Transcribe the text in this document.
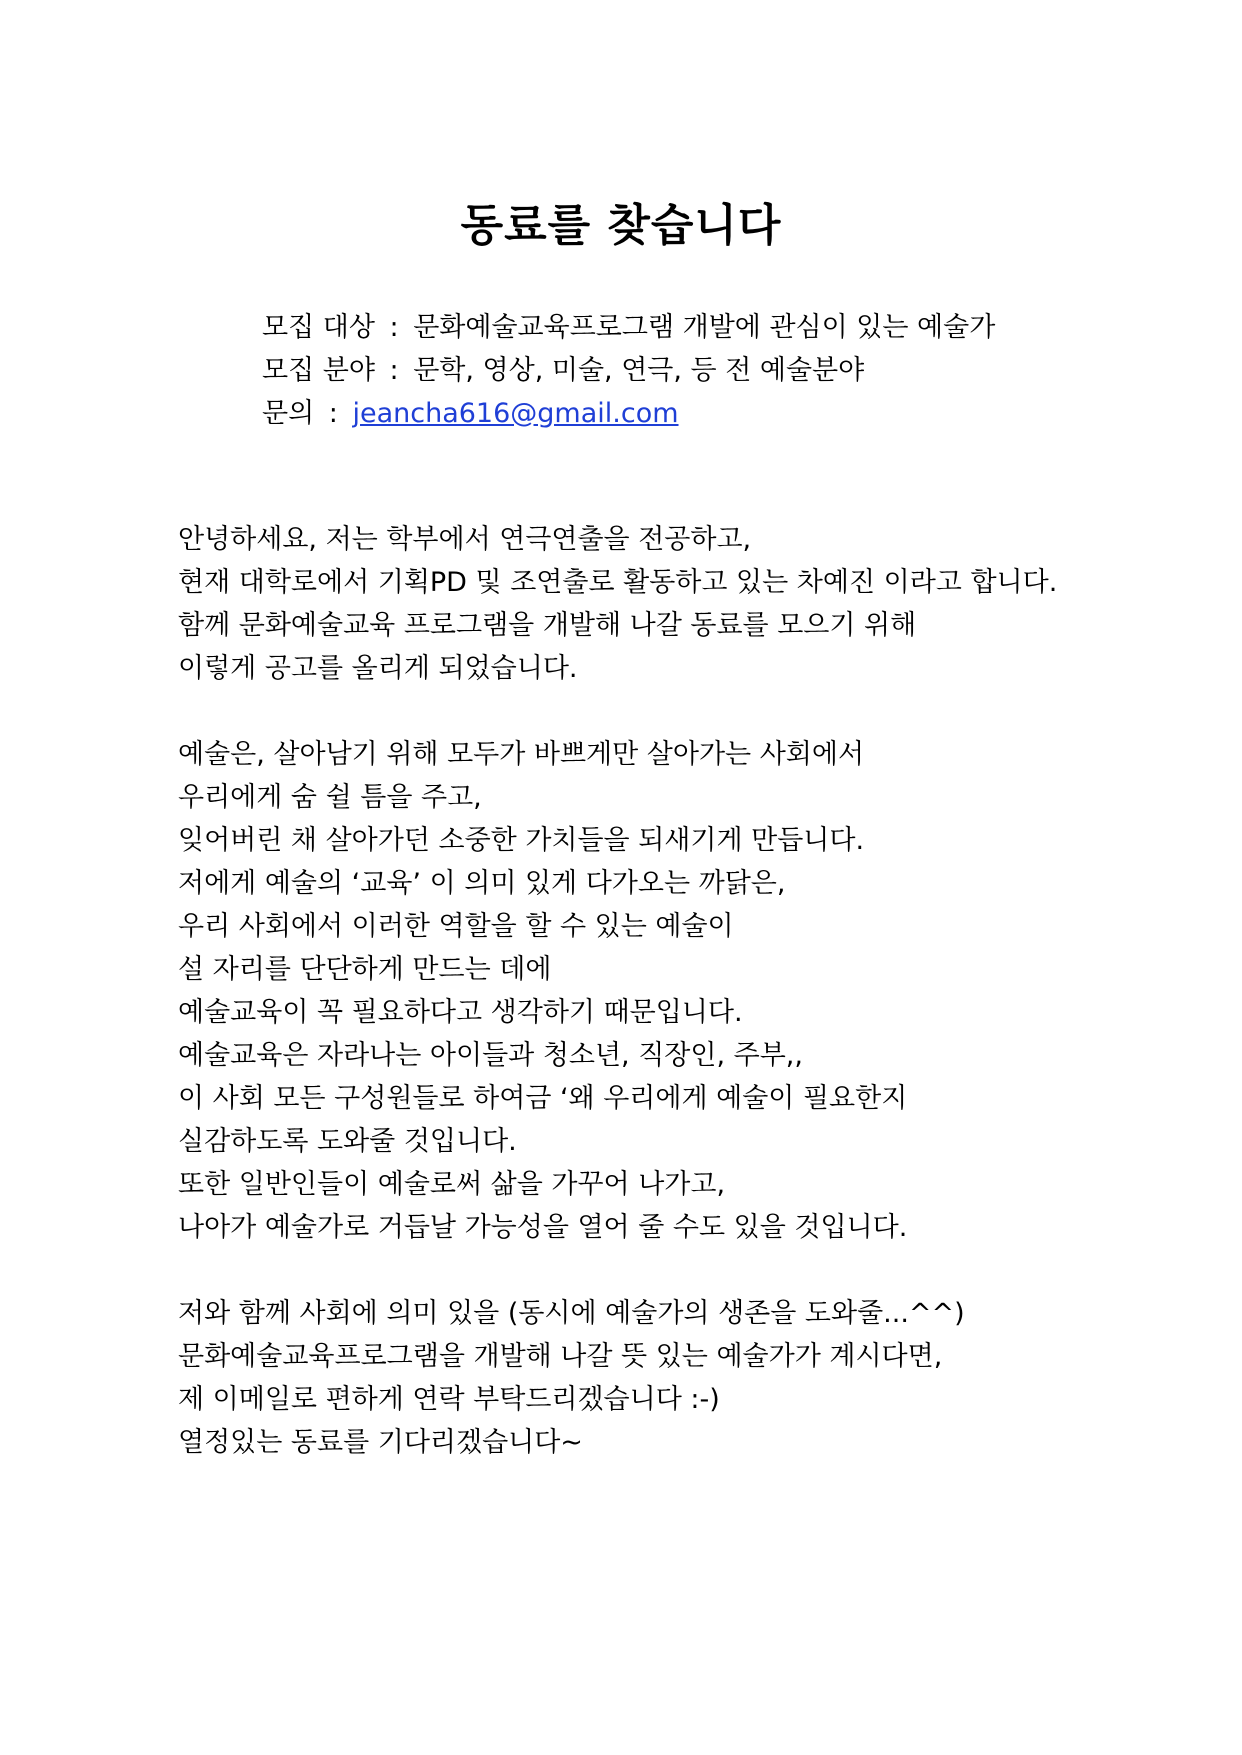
동료를 찾습니다
모집 대상 : 문화예술교육프로그램 개발에 관심이 있는 예술가
모집 분야 : 문학, 영상, 미술, 연극, 등 전 예술분야
문의 : jeancha616@gmail.com
안녕하세요, 저는 학부에서 연극연출을 전공하고,
현재 대학로에서 기획PD 및 조연출로 활동하고 있는 차예진 이라고 합니다.
함께 문화예술교육 프로그램을 개발해 나갈 동료를 모으기 위해
이렇게 공고를 올리게 되었습니다.
예술은, 살아남기 위해 모두가 바쁘게만 살아가는 사회에서
우리에게 숨 쉴 틈을 주고,
잊어버린 채 살아가던 소중한 가치들을 되새기게 만듭니다.
저에게 예술의 ‘교육’ 이 의미 있게 다가오는 까닭은,
우리 사회에서 이러한 역할을 할 수 있는 예술이
설 자리를 단단하게 만드는 데에
예술교육이 꼭 필요하다고 생각하기 때문입니다.
예술교육은 자라나는 아이들과 청소년, 직장인, 주부,,
이 사회 모든 구성원들로 하여금 ‘왜 우리에게 예술이 필요한지
실감하도록 도와줄 것입니다.
또한 일반인들이 예술로써 삶을 가꾸어 나가고,
나아가 예술가로 거듭날 가능성을 열어 줄 수도 있을 것입니다.
저와 함께 사회에 의미 있을 (동시에 예술가의 생존을 도와줄...^^)
문화예술교육프로그램을 개발해 나갈 뜻 있는 예술가가 계시다면,
제 이메일로 편하게 연락 부탁드리겠습니다 :-)
열정있는 동료를 기다리겠습니다~
